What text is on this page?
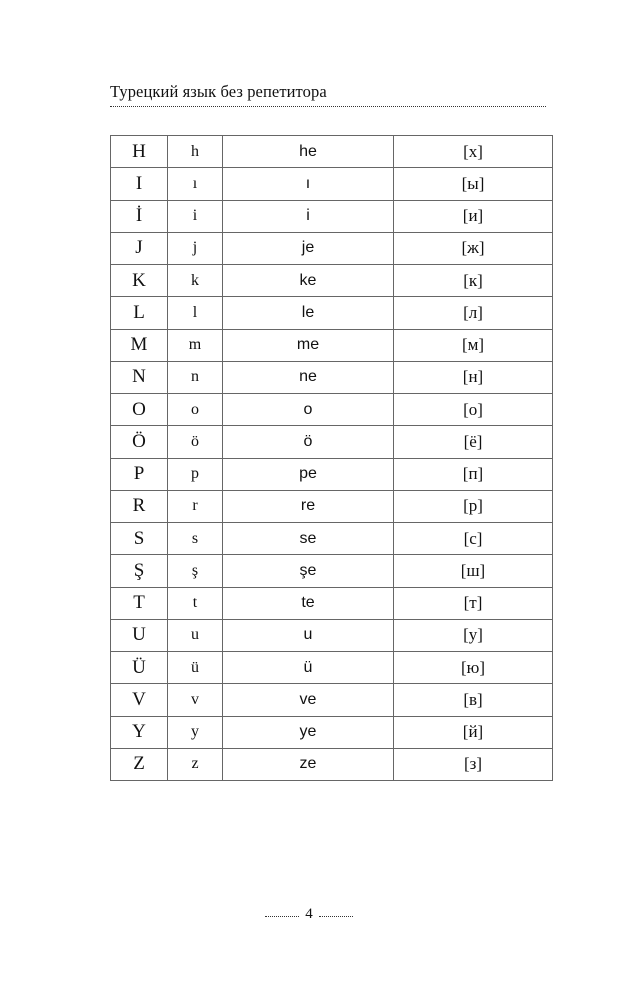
Турецкий язык без репетитора
H	h	he	[х]
I	ı	ı	[ы]
İ	i	i	[и]
J	j	je	[ж]
K	k	ke	[к]
L	l	le	[л]
M	m	me	[м]
N	n	ne	[н]
O	o	o	[о]
Ö	ö	ö	[ё]
P	p	pe	[п]
R	r	re	[р]
S	s	se	[с]
Ş	ş	şe	[ш]
T	t	te	[т]
U	u	u	[у]
Ü	ü	ü	[ю]
V	v	ve	[в]
Y	y	ye	[й]
Z	z	ze	[з]
4
